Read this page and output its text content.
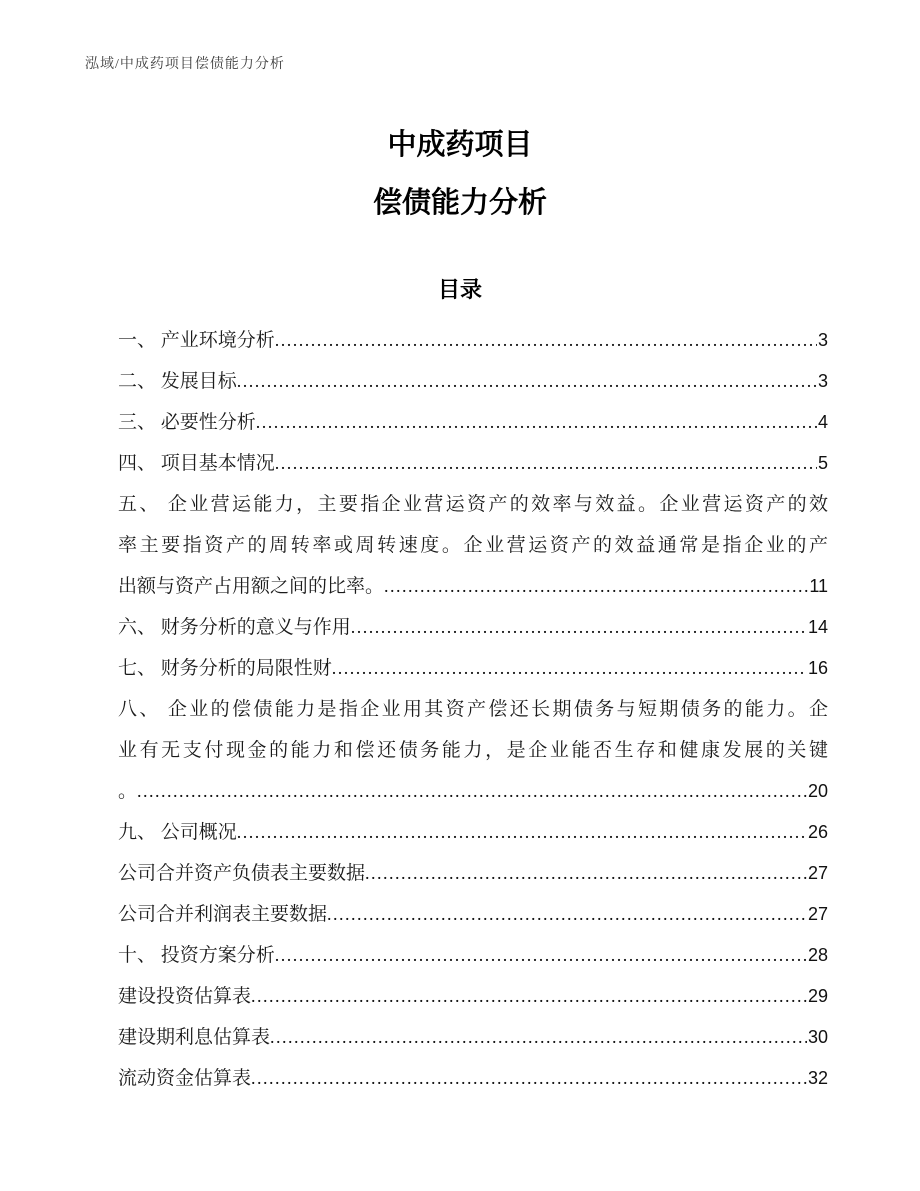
泓域/中成药项目偿债能力分析
中成药项目
偿债能力分析
目录
一、 产业环境分析 .....	3
二、 发展目标 .....	3
三、 必要性分析 .....	4
四、 项目基本情况 .....	5
五、 企业营运能力，主要指企业营运资产的效率与效益。企业营运资产的效
率主要指资产的周转率或周转速度。企业营运资产的效益通常是指企业的产
出额与资产占用额之间的比率。 .....	11
六、 财务分析的意义与作用 .....	14
七、 财务分析的局限性财 .....	16
八、 企业的偿债能力是指企业用其资产偿还长期债务与短期债务的能力。企
业有无支付现金的能力和偿还债务能力，是企业能否生存和健康发展的关键
。 .....	20
九、 公司概况 .....	26
公司合并资产负债表主要数据 .....	27
公司合并利润表主要数据 .....	27
十、 投资方案分析 .....	28
建设投资估算表 .....	29
建设期利息估算表 .....	30
流动资金估算表 .....	32
